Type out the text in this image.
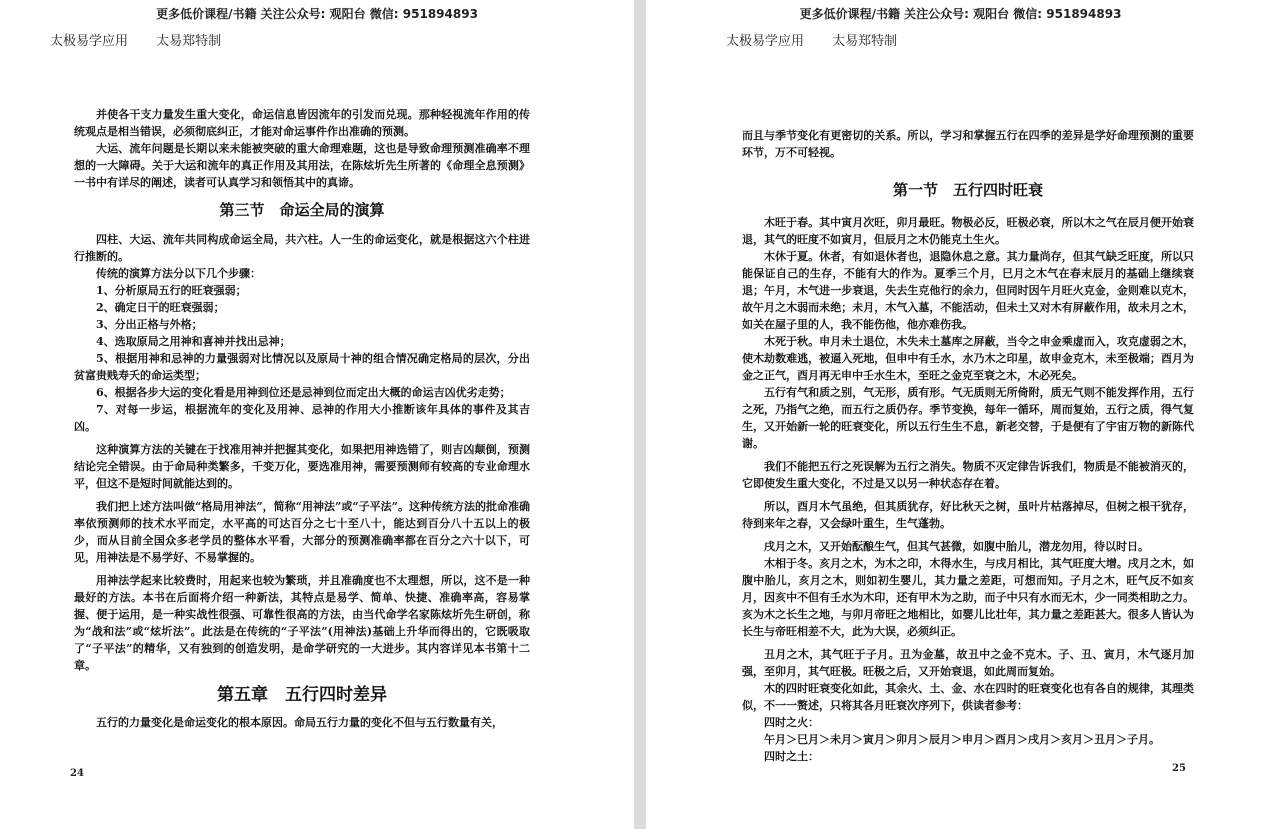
更多低价课程/书籍 关注公众号: 观阳台 微信: 951894893
太极易学应用 太易郑特制

并使各干支力量发生重大变化，命运信息皆因流年的引发而兑现。那种轻视流年作用的传统观点是相当错误，必须彻底纠正，才能对命运事件作出准确的预测。

大运、流年问题是长期以来未能被突破的重大命理难题，这也是导致命理预测准确率不理想的一大障碍。关于大运和流年的真正作用及其用法，在陈炫圻先生所著的《命理全息预测》一书中有详尽的阐述，读者可认真学习和领悟其中的真谛。

第三节　命运全局的演算

四柱、大运、流年共同构成命运全局，共六柱。人一生的命运变化，就是根据这六个柱进行推断的。

传统的演算方法分以下几个步骤：

1、分析原局五行的旺衰强弱；

2、确定日干的旺衰强弱；

3、分出正格与外格；

4、选取原局之用神和喜神并找出忌神；

5、根据用神和忌神的力量强弱对比情况以及原局十神的组合情况确定格局的层次，分出贫富贵贱寿夭的命运类型；

6、根据各步大运的变化看是用神到位还是忌神到位而定出大概的命运吉凶优劣走势；

7、对每一步运，根据流年的变化及用神、忌神的作用大小推断该年具体的事件及其吉凶。

这种演算方法的关键在于找准用神并把握其变化，如果把用神选错了，则吉凶颠倒，预测结论完全错误。由于命局种类繁多，千变万化，要选准用神，需要预测师有较高的专业命理水平，但这不是短时间就能达到的。

我们把上述方法叫做“格局用神法”，简称“用神法”或“子平法”。这种传统方法的批命准确率依预测师的技术水平而定，水平高的可达百分之七十至八十，能达到百分八十五以上的极少，而从目前全国众多老学员的整体水平看，大部分的预测准确率都在百分之六十以下，可见，用神法是不易学好、不易掌握的。

用神法学起来比较费时，用起来也较为繁琐，并且准确度也不太理想，所以，这不是一种最好的方法。本书在后面将介绍一种新法，其特点是易学、简单、快捷、准确率高，容易掌握、便于运用，是一种实战性很强、可靠性很高的方法，由当代命学名家陈炫圻先生研创，称为“战和法”或“炫圻法”。此法是在传统的“子平法”(用神法)基础上升华而得出的，它既吸取了“子平法”的精华，又有独到的创造发明，是命学研究的一大进步。其内容详见本书第十二章。

第五章　五行四时差异

五行的力量变化是命运变化的根本原因。命局五行力量的变化不但与五行数量有关，

24
更多低价课程/书籍 关注公众号: 观阳台 微信: 951894893
太极易学应用 太易郑特制

而且与季节变化有更密切的关系。所以，学习和掌握五行在四季的差异是学好命理预测的重要环节，万不可轻视。

第一节　五行四时旺衰

木旺于春。其中寅月次旺，卯月最旺。物极必反，旺极必衰，所以木之气在辰月便开始衰退，其气的旺度不如寅月，但辰月之木仍能克土生火。

木休于夏。休者，有如退休者也，退隐休息之意。其力量尚存，但其气缺乏旺度，所以只能保证自己的生存，不能有大的作为。夏季三个月，巳月之木气在春末辰月的基础上继续衰退；午月，木气进一步衰退，失去生克他行的余力，但同时因午月旺火克金，金则难以克木，故午月之木弱而未绝；未月，木气入墓，不能活动，但未土又对木有屏蔽作用，故未月之木，如关在屋子里的人，我不能伤他，他亦难伤我。

木死于秋。申月未土退位，木失未土墓库之屏蔽，当令之申金乘虚而入，攻克虚弱之木，使木劫数难逃，被逼入死地，但申中有壬水，水乃木之印星，故申金克木，未至极端；酉月为金之正气，酉月再无申中壬水生木，至旺之金克至衰之木，木必死矣。

五行有气和质之别，气无形，质有形。气无质则无所倚附，质无气则不能发挥作用，五行之死，乃指气之绝，而五行之质仍存。季节变换，每年一循环，周而复始，五行之质，得气复生，又开始新一轮的旺衰变化，所以五行生生不息，新老交替，于是便有了宇宙万物的新陈代谢。

我们不能把五行之死误解为五行之消失。物质不灭定律告诉我们，物质是不能被消灭的，它即使发生重大变化，不过是又以另一种状态存在着。

所以，酉月木气虽绝，但其质犹存，好比秋天之树，虽叶片枯落掉尽，但树之根干犹存，待到来年之春，又会绿叶重生，生气蓬勃。

戌月之木，又开始酝酿生气，但其气甚微，如腹中胎儿，潜龙勿用，待以时日。

木相于冬。亥月之木，为木之印，木得水生，与戌月相比，其气旺度大增。戌月之木，如腹中胎儿，亥月之木，则如初生婴儿，其力量之差距，可想而知。子月之木，旺气反不如亥月，因亥中不但有壬水为木印，还有甲木为之助，而子中只有水而无木，少一同类相助之力。亥为木之长生之地，与卯月帝旺之地相比，如婴儿比壮年，其力量之差距甚大。很多人皆认为长生与帝旺相差不大，此为大误，必须纠正。

丑月之木，其气旺于子月。丑为金墓，故丑中之金不克木。子、丑、寅月，木气逐月加强，至卯月，其气旺极。旺极之后，又开始衰退，如此周而复始。

木的四时旺衰变化如此，其余火、土、金、水在四时的旺衰变化也有各自的规律，其理类似，不一一赘述，只将其各月旺衰次序列下，供读者参考：

四时之火：

午月＞巳月＞未月＞寅月＞卯月＞辰月＞申月＞酉月＞戌月＞亥月＞丑月＞子月。

四时之土：

25
